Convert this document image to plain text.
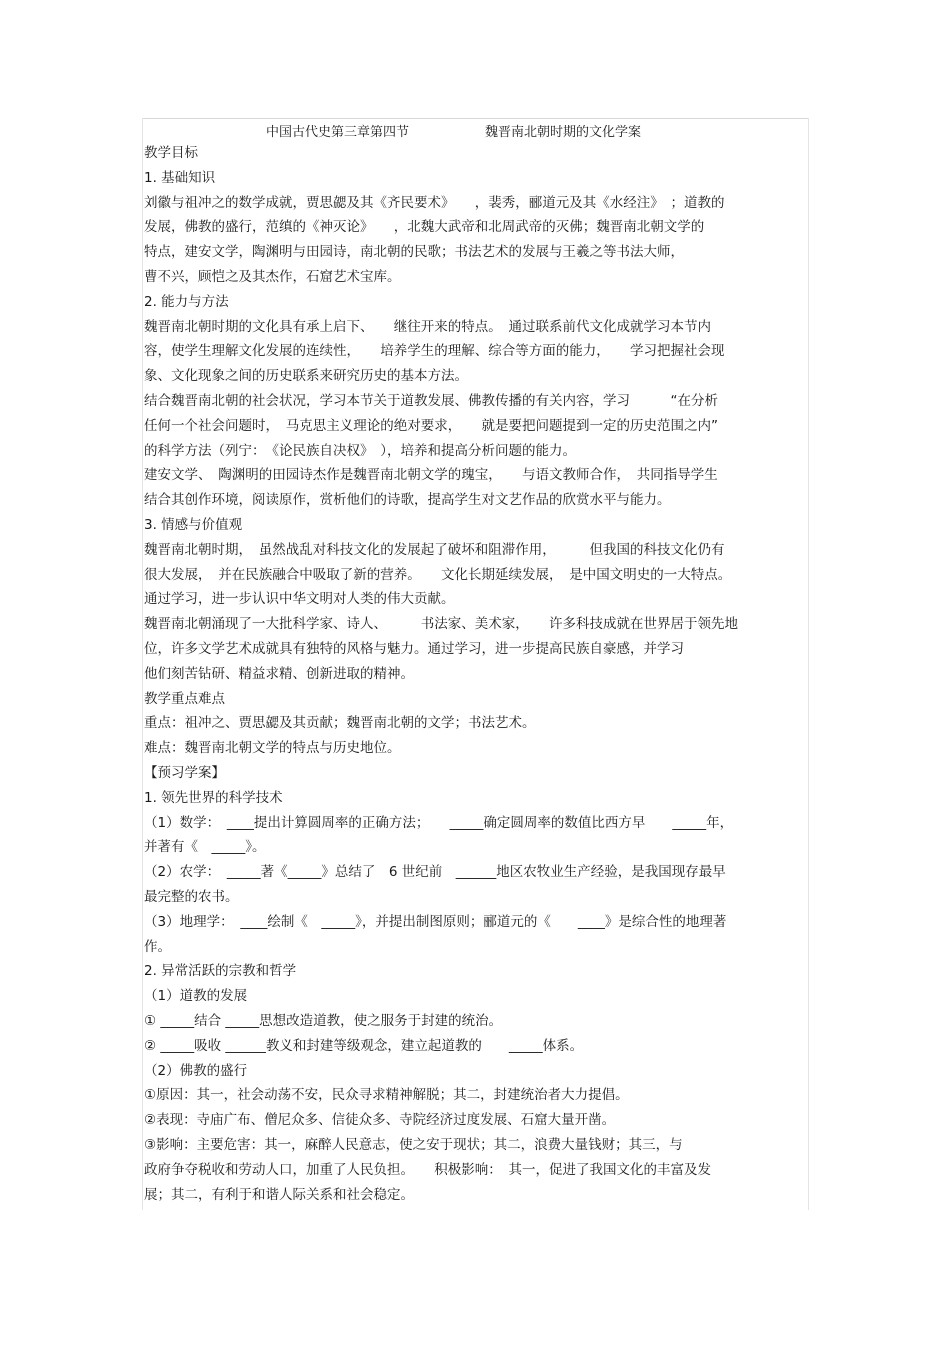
中国古代史第三章第四节	魏晋南北朝时期的文化学案
教学目标
1. 基础知识
刘徽与祖冲之的数学成就，贾思勰及其《齐民要术》　　，裴秀，郦道元及其《水经注》　；道教的
发展，佛教的盛行，范缜的《神灭论》　　，北魏大武帝和北周武帝的灭佛；魏晋南北朝文学的
特点，建安文学，陶渊明与田园诗，南北朝的民歌；书法艺术的发展与王羲之等书法大师，
曹不兴，顾恺之及其杰作，石窟艺术宝库。
2. 能力与方法
魏晋南北朝时期的文化具有承上启下、　　继往开来的特点。　通过联系前代文化成就学习本节内
容，使学生理解文化发展的连续性，　　培养学生的理解、综合等方面的能力，　　学习把握社会现
象、文化现象之间的历史联系来研究历史的基本方法。
结合魏晋南北朝的社会状况，学习本节关于道教发展、佛教传播的有关内容，学习　　　“在分析
任何一个社会问题时，　马克思主义理论的绝对要求，　　就是要把问题提到一定的历史范围之内”
的科学方法（列宁：　《论民族自决权》　），培养和提高分析问题的能力。
建安文学、　陶渊明的田园诗杰作是魏晋南北朝文学的瑰宝，　　与语文教师合作，　共同指导学生
结合其创作环境，阅读原作，赏析他们的诗歌，提高学生对文艺作品的欣赏水平与能力。
3. 情感与价值观
魏晋南北朝时期，　虽然战乱对科技文化的发展起了破坏和阻滞作用，　　　但我国的科技文化仍有
很大发展，　并在民族融合中吸取了新的营养。　　文化长期延续发展，　是中国文明史的一大特点。
通过学习，进一步认识中华文明对人类的伟大贡献。
魏晋南北朝涌现了一大批科学家、诗人、　　　书法家、美术家，　　许多科技成就在世界居于领先地
位，许多文学艺术成就具有独特的风格与魅力。通过学习，进一步提高民族自豪感，并学习
他们刻苦钻研、精益求精、创新进取的精神。
教学重点难点
重点：祖冲之、贾思勰及其贡献；魏晋南北朝的文学；书法艺术。
难点：魏晋南北朝文学的特点与历史地位。
【预习学案】
1. 领先世界的科学技术
（1）数学：　____提出计算圆周率的正确方法；　　_____确定圆周率的数值比西方早　　_____年，
并著有《　_____》。
（2）农学：　_____著《_____》总结了　6 世纪前　______地区农牧业生产经验，是我国现存最早
最完整的农书。
（3）地理学：　____绘制《　_____》，并提出制图原则；郦道元的《　　____》是综合性的地理著
作。
2. 异常活跃的宗教和哲学
（1）道教的发展
① _____结合 _____思想改造道教，使之服务于封建的统治。
② _____吸收 ______教义和封建等级观念，建立起道教的　　_____体系。
（2）佛教的盛行
①原因：其一，社会动荡不安，民众寻求精神解脱；其二，封建统治者大力提倡。
②表现：寺庙广布、僧尼众多、信徒众多、寺院经济过度发展、石窟大量开凿。
③影响：主要危害：其一，麻醉人民意志，使之安于现状；其二，浪费大量钱财；其三，与
政府争夺税收和劳动人口，加重了人民负担。　　积极影响：　其一，促进了我国文化的丰富及发
展；其二，有利于和谐人际关系和社会稳定。
